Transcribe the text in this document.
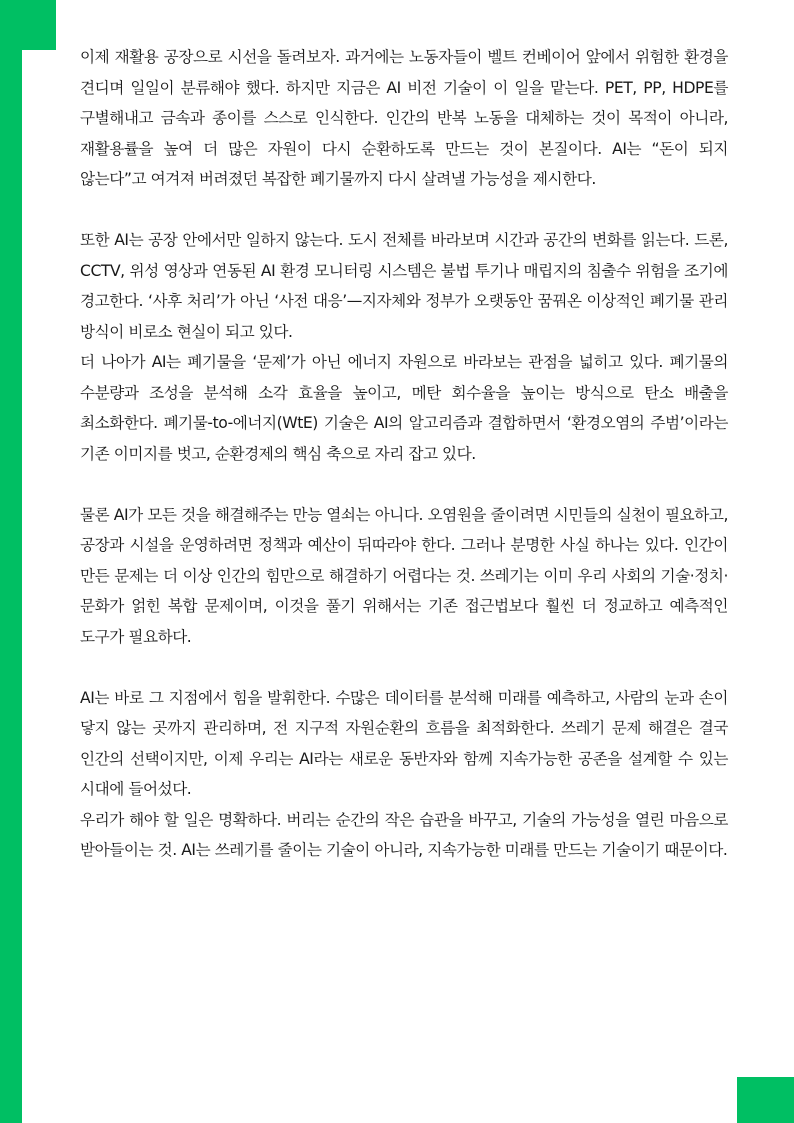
이제 재활용 공장으로 시선을 돌려보자. 과거에는 노동자들이 벨트 컨베이어 앞에서 위험한 환경을 견디며 일일이 분류해야 했다. 하지만 지금은 AI 비전 기술이 이 일을 맡는다. PET, PP, HDPE를 구별해내고 금속과 종이를 스스로 인식한다. 인간의 반복 노동을 대체하는 것이 목적이 아니라, 재활용률을 높여 더 많은 자원이 다시 순환하도록 만드는 것이 본질이다. AI는 “돈이 되지 않는다”고 여겨져 버려졌던 복잡한 폐기물까지 다시 살려낼 가능성을 제시한다.

또한 AI는 공장 안에서만 일하지 않는다. 도시 전체를 바라보며 시간과 공간의 변화를 읽는다. 드론, CCTV, 위성 영상과 연동된 AI 환경 모니터링 시스템은 불법 투기나 매립지의 침출수 위험을 조기에 경고한다. ‘사후 처리’가 아닌 ‘사전 대응’—지자체와 정부가 오랫동안 꿈꿔온 이상적인 폐기물 관리 방식이 비로소 현실이 되고 있다.

더 나아가 AI는 폐기물을 ‘문제’가 아닌 에너지 자원으로 바라보는 관점을 넓히고 있다. 폐기물의 수분량과 조성을 분석해 소각 효율을 높이고, 메탄 회수율을 높이는 방식으로 탄소 배출을 최소화한다. 폐기물-to-에너지(WtE) 기술은 AI의 알고리즘과 결합하면서 ‘환경오염의 주범’이라는 기존 이미지를 벗고, 순환경제의 핵심 축으로 자리 잡고 있다.

물론 AI가 모든 것을 해결해주는 만능 열쇠는 아니다. 오염원을 줄이려면 시민들의 실천이 필요하고, 공장과 시설을 운영하려면 정책과 예산이 뒤따라야 한다. 그러나 분명한 사실 하나는 있다. 인간이 만든 문제는 더 이상 인간의 힘만으로 해결하기 어렵다는 것. 쓰레기는 이미 우리 사회의 기술·정치·문화가 얽힌 복합 문제이며, 이것을 풀기 위해서는 기존 접근법보다 훨씬 더 정교하고 예측적인 도구가 필요하다.

AI는 바로 그 지점에서 힘을 발휘한다. 수많은 데이터를 분석해 미래를 예측하고, 사람의 눈과 손이 닿지 않는 곳까지 관리하며, 전 지구적 자원순환의 흐름을 최적화한다. 쓰레기 문제 해결은 결국 인간의 선택이지만, 이제 우리는 AI라는 새로운 동반자와 함께 지속가능한 공존을 설계할 수 있는 시대에 들어섰다.

우리가 해야 할 일은 명확하다. 버리는 순간의 작은 습관을 바꾸고, 기술의 가능성을 열린 마음으로 받아들이는 것. AI는 쓰레기를 줄이는 기술이 아니라, 지속가능한 미래를 만드는 기술이기 때문이다.
